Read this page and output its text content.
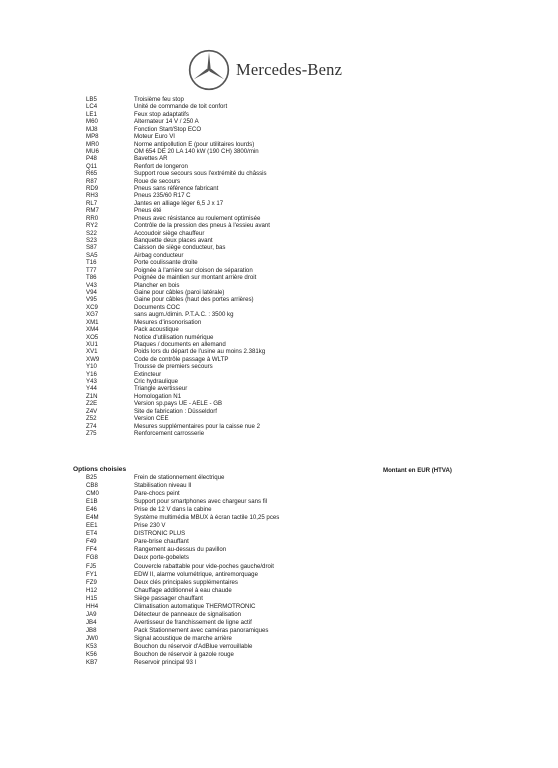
Mercedes-Benz
LB5	Troisième feu stop
LC4	Unité de commande de toit confort
LE1	Feux stop adaptatifs
M60	Alternateur 14 V / 250 A
MJ8	Fonction Start/Stop ECO
MP8	Moteur Euro VI
MR0	Norme antipollution E (pour utilitaires lourds)
MU6	OM 654 DE 20 LA 140 kW (190 CH) 3800/min
P48	Bavettes AR
Q11	Renfort de longeron
R65	Support roue secours sous l'extrémité du châssis
R87	Roue de secours
RD9	Pneus sans référence fabricant
RH3	Pneus 235/60 R17 C
RL7	Jantes en alliage léger 6,5 J x 17
RM7	Pneus été
RR0	Pneus avec résistance au roulement optimisée
RY2	Contrôle de la pression des pneus à l'essieu avant
S22	Accoudoir siège chauffeur
S23	Banquette deux places avant
S87	Caisson de siège conducteur, bas
SA5	Airbag conducteur
T16	Porte coulissante droite
T77	Poignée à l'arrière sur cloison de séparation
T86	Poignée de maintien sur montant arrière droit
V43	Plancher en bois
V94	Gaine pour câbles (paroi latérale)
V95	Gaine pour câbles (haut des portes arrières)
XC9	Documents COC
XG7	sans augm./dimin. P.T.A.C. : 3500 kg
XM1	Mesures d'insonorisation
XM4	Pack acoustique
XO5	Notice d'utilisation numérique
XU1	Plaques / documents en allemand
XV1	Poids lors du départ de l'usine au moins 2.381kg
XW9	Code de contrôle passage à WLTP
Y10	Trousse de premiers secours
Y16	Extincteur
Y43	Cric hydraulique
Y44	Triangle avertisseur
Z1N	Homologation N1
Z2E	Version sp.pays UE - AELE - GB
Z4V	Site de fabrication : Düsseldorf
Z52	Version CEE
Z74	Mesures supplémentaires pour la caisse nue 2
Z75	Renforcement carrosserie
Options choisies	Montant en EUR (HTVA)
B25	Frein de stationnement électrique
CB8	Stabilisation niveau II
CM0	Pare-chocs peint
E1B	Support pour smartphones avec chargeur sans fil
E46	Prise de 12 V dans la cabine
E4M	Système multimédia MBUX à écran tactile 10,25 pces
EE1	Prise 230 V
ET4	DISTRONIC PLUS
F49	Pare-brise chauffant
FF4	Rangement au-dessus du pavillon
FG8	Deux porte-gobelets
FJ5	Couvercle rabattable pour vide-poches gauche/droit
FY1	EDW II, alarme volumétrique, antiremorquage
FZ9	Deux clés principales supplémentaires
H12	Chauffage additionnel à eau chaude
H15	Siège passager chauffant
HH4	Climatisation automatique THERMOTRONIC
JA9	Détecteur de panneaux de signalisation
JB4	Avertisseur de franchissement de ligne actif
JB8	Pack Stationnement avec caméras panoramiques
JW0	Signal acoustique de marche arrière
K53	Bouchon du réservoir d'AdBlue verrouillable
K56	Bouchon de réservoir à gazole rouge
KB7	Reservoir principal 93 l
